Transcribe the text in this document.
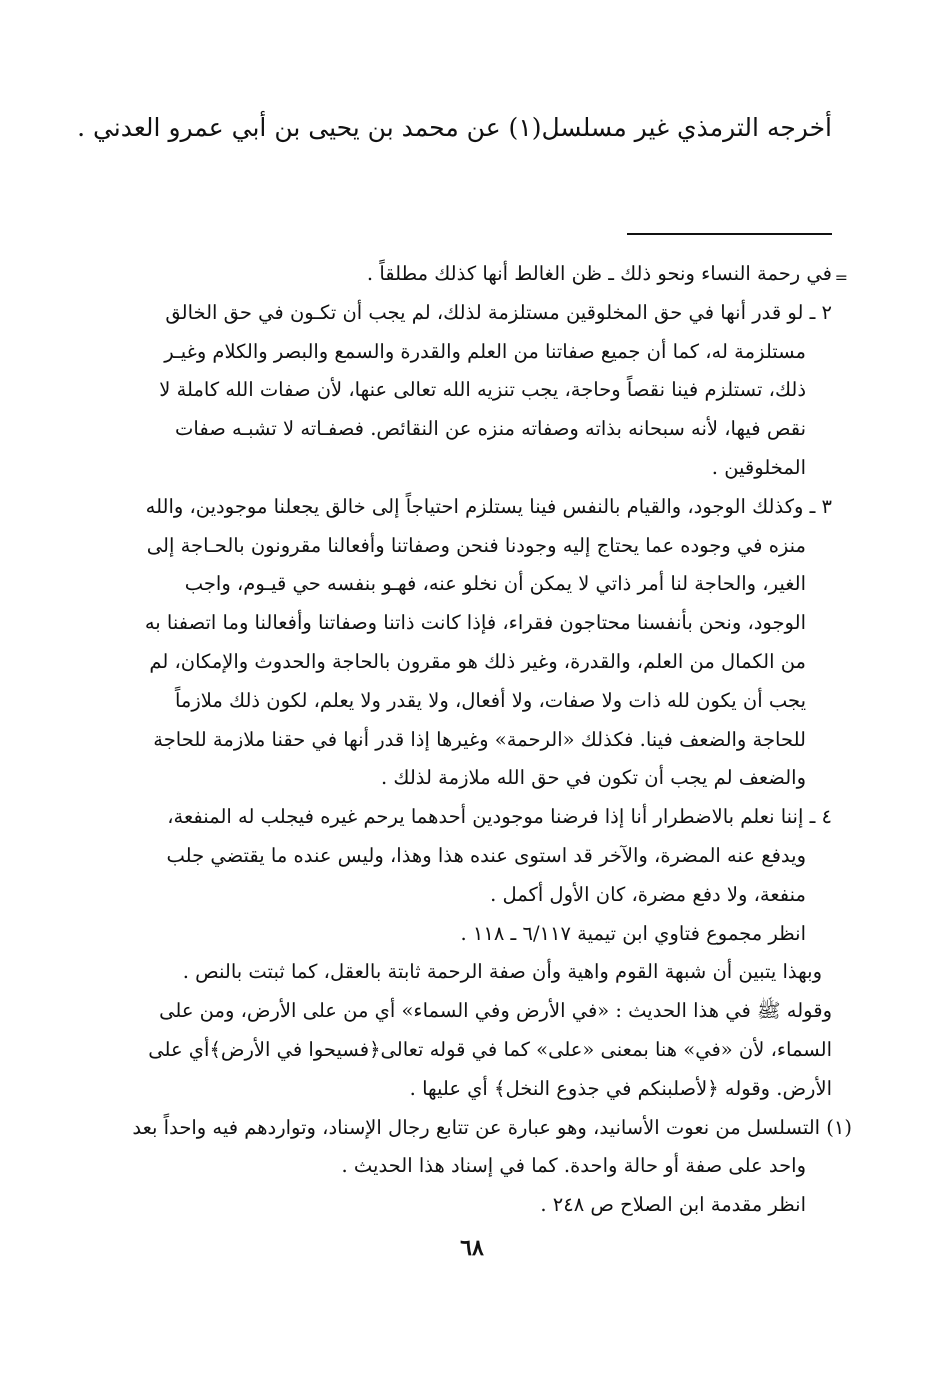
أخرجه الترمذي غير مسلسل(١) عن محمد بن يحيى بن أبي عمرو العدني .
=
في رحمة النساء ونحو ذلك ـ ظن الغالط أنها كذلك مطلقاً .
٢ ـ لو قدر أنها في حق المخلوقين مستلزمة لذلك، لم يجب أن تكـون في حق الخالق
مستلزمة له، كما أن جميع صفاتنا من العلم والقدرة والسمع والبصر والكلام وغيـر
ذلك، تستلزم فينا نقصاً وحاجة، يجب تنزيه الله تعالى عنها، لأن صفات الله كاملة لا
نقص فيها، لأنه سبحانه بذاته وصفاته منزه عن النقائص. فصفـاته لا تشبـه صفات
المخلوقين .
٣ ـ وكذلك الوجود، والقيام بالنفس فينا يستلزم احتياجاً إلى خالق يجعلنا موجودين، والله
منزه في وجوده عما يحتاج إليه وجودنا فنحن وصفاتنا وأفعالنا مقرونون بالحـاجة إلى
الغير، والحاجة لنا أمر ذاتي لا يمكن أن نخلو عنه، فهـو بنفسه حي قيـوم، واجب
الوجود، ونحن بأنفسنا محتاجون فقراء، فإذا كانت ذاتنا وصفاتنا وأفعالنا وما اتصفنا به
من الكمال من العلم، والقدرة، وغير ذلك هو مقرون بالحاجة والحدوث والإمكان، لم
يجب أن يكون لله ذات ولا صفات، ولا أفعال، ولا يقدر ولا يعلم، لكون ذلك ملازماً
للحاجة والضعف فينا. فكذلك «الرحمة» وغيرها إذا قدر أنها في حقنا ملازمة للحاجة
والضعف لم يجب أن تكون في حق الله ملازمة لذلك .
٤ ـ إننا نعلم بالاضطرار أنا إذا فرضنا موجودين أحدهما يرحم غيره فيجلب له المنفعة،
ويدفع عنه المضرة، والآخر قد استوى عنده هذا وهذا، وليس عنده ما يقتضي جلب
منفعة، ولا دفع مضرة، كان الأول أكمل .
انظر مجموع فتاوي ابن تيمية ٦/١١٧ ـ ١١٨ .
وبهذا يتبين أن شبهة القوم واهية وأن صفة الرحمة ثابتة بالعقل، كما ثبتت بالنص .
وقوله ﷺ في هذا الحديث : «في الأرض وفي السماء» أي من على الأرض، ومن على
السماء، لأن «في» هنا بمعنى «على» كما في قوله تعالى﴿فسيحوا في الأرض﴾أي على
الأرض. وقوله ﴿لأصلبنكم في جذوع النخل﴾ أي عليها .
(١) التسلسل من نعوت الأسانيد، وهو عبارة عن تتابع رجال الإسناد، وتواردهم فيه واحداً بعد
واحد على صفة أو حالة واحدة. كما في إسناد هذا الحديث .
انظر مقدمة ابن الصلاح ص ٢٤٨ .
٦٨
